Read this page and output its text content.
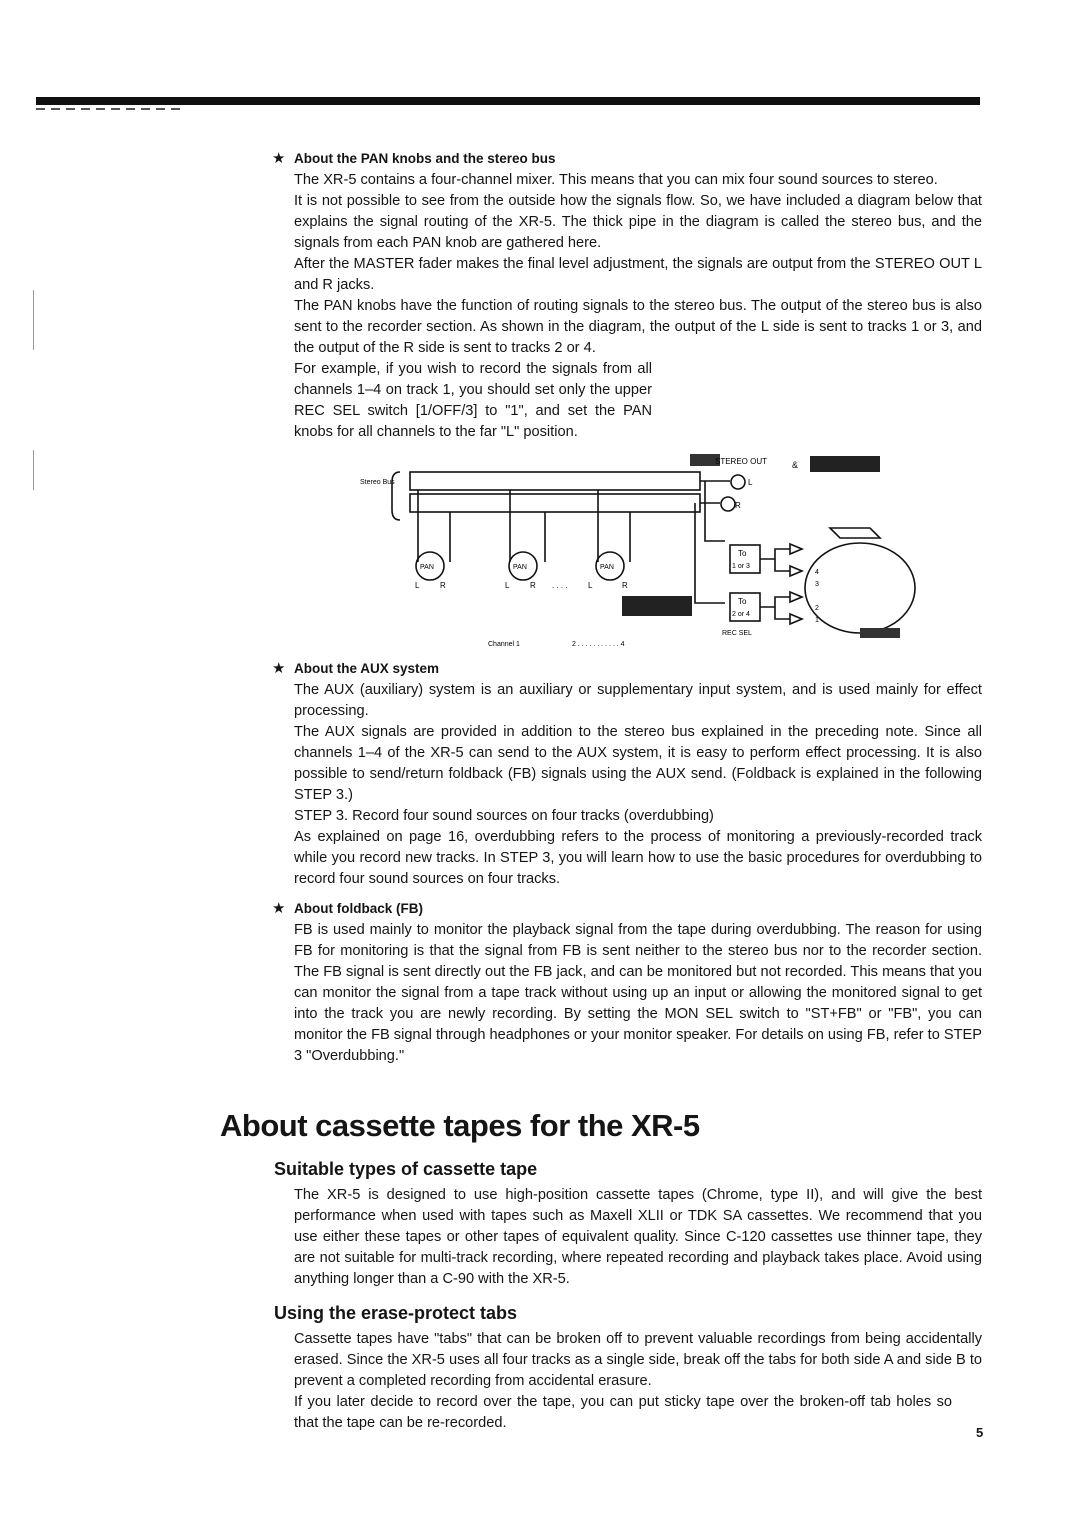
★ About the PAN knobs and the stereo bus

The XR-5 contains a four-channel mixer. This means that you can mix four sound sources to stereo.

It is not possible to see from the outside how the signals flow. So, we have included a diagram below that explains the signal routing of the XR-5. The thick pipe in the diagram is called the stereo bus, and the signals from each PAN knob are gathered here.

After the MASTER fader makes the final level adjustment, the signals are output from the STEREO OUT L and R jacks.

The PAN knobs have the function of routing signals to the stereo bus. The output of the stereo bus is also sent to the recorder section. As shown in the diagram, the output of the L side is sent to tracks 1 or 3, and the output of the R side is sent to tracks 2 or 4.

For example, if you wish to record the signals from all channels 1–4 on track 1, you should set only the upper REC SEL switch [1/OFF/3] to "1", and set the PAN knobs for all channels to the far "L" position.

STEREO OUT
Stereo Bus	L
R
&
PAN	PAN	PAN
L	R	L	R . . . .	L	R
To
1 or 3
To
2 or 4
REC SEL
4
3
2
1
Channel 1	2 . . . . . . . . . . . 4
★ About the AUX system

The AUX (auxiliary) system is an auxiliary or supplementary input system, and is used mainly for effect processing.

The AUX signals are provided in addition to the stereo bus explained in the preceding note. Since all channels 1–4 of the XR-5 can send to the AUX system, it is easy to perform effect processing. It is also possible to send/return foldback (FB) signals using the AUX send. (Foldback is explained in the following STEP 3.)

STEP 3. Record four sound sources on four tracks (overdubbing)

As explained on page 16, overdubbing refers to the process of monitoring a previously-recorded track while you record new tracks. In STEP 3, you will learn how to use the basic procedures for overdubbing to record four sound sources on four tracks.

★ About foldback (FB)

FB is used mainly to monitor the playback signal from the tape during overdubbing. The reason for using FB for monitoring is that the signal from FB is sent neither to the stereo bus nor to the recorder section. The FB signal is sent directly out the FB jack, and can be monitored but not recorded. This means that you can monitor the signal from a tape track without using up an input or allowing the monitored signal to get into the track you are newly recording. By setting the MON SEL switch to "ST+FB" or "FB", you can monitor the FB signal through headphones or your monitor speaker. For details on using FB, refer to STEP 3 "Overdubbing."

About cassette tapes for the XR-5
Suitable types of cassette tape

The XR-5 is designed to use high-position cassette tapes (Chrome, type II), and will give the best performance when used with tapes such as Maxell XLII or TDK SA cassettes. We recommend that you use either these tapes or other tapes of equivalent quality. Since C-120 cassettes use thinner tape, they are not suitable for multi-track recording, where repeated recording and playback takes place. Avoid using anything longer than a C-90 with the XR-5.

Using the erase-protect tabs

Cassette tapes have "tabs" that can be broken off to prevent valuable recordings from being accidentally erased. Since the XR-5 uses all four tracks as a single side, break off the tabs for both side A and side B to prevent a completed recording from accidental erasure.

If you later decide to record over the tape, you can put sticky tape over the broken-off tab holes so that the tape can be re-recorded.

5
